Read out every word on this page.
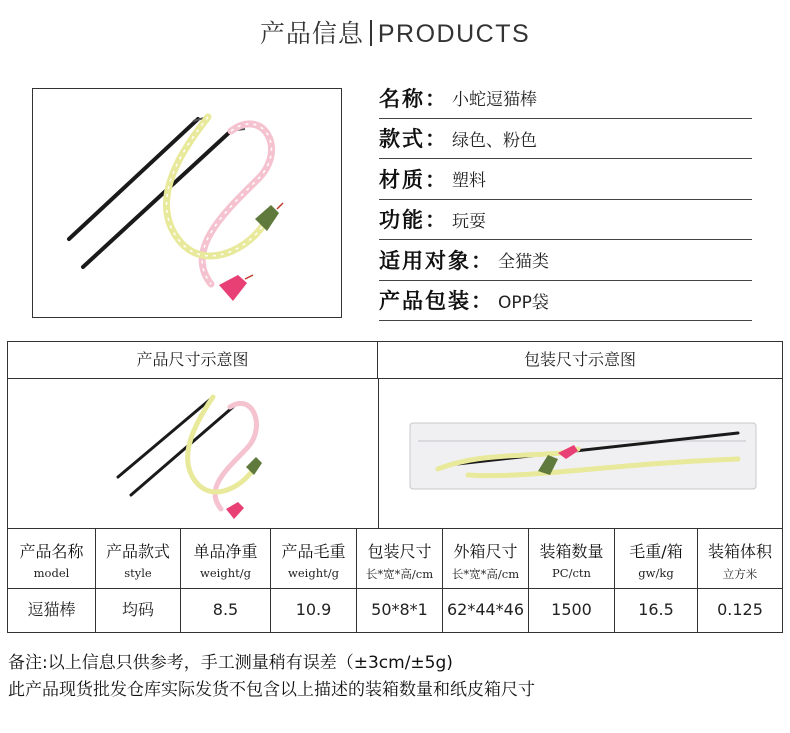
产品信息 PRODUCTS
名称： 小蛇逗猫棒
款式： 绿色、粉色
材质： 塑料
功能： 玩耍
适用对象： 全猫类
产品包装： OPP袋
产品尺寸示意图	包装尺寸示意图
产品名称
model
逗猫棒
产品款式
style
均码
单品净重
weight/g
8.5
产品毛重
weight/g
10.9
包装尺寸
长*宽*高/cm
50*8*1
外箱尺寸
长*宽*高/cm
62*44*46
装箱数量
PC/ctn
1500
毛重/箱
gw/kg
16.5
装箱体积
立方米
0.125
备注:以上信息只供参考，手工测量稍有误差（±3cm/±5g)
此产品现货批发仓库实际发货不包含以上描述的装箱数量和纸皮箱尺寸
